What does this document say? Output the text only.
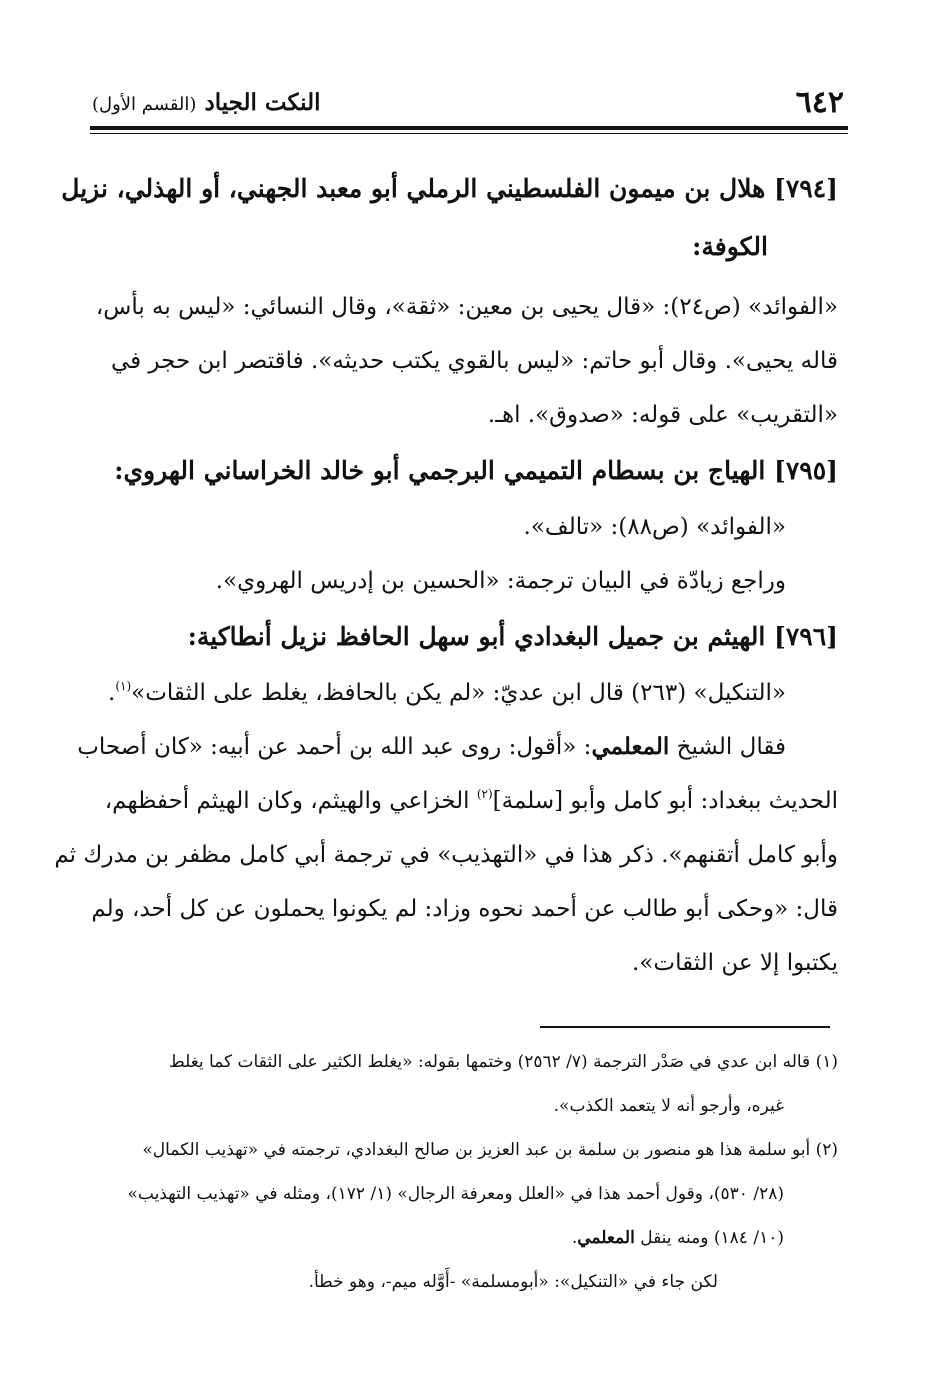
٦٤٢
النكت الجياد (القسم الأول)

[٧٩٤] هلال بن ميمون الفلسطيني الرملي أبو معبد الجهني، أو الهذلي، نزيل

الكوفة:

«الفوائد» (ص٢٤): «قال يحيى بن معين: «ثقة»، وقال النسائي: «ليس به بأس،

قاله يحيى». وقال أبو حاتم: «ليس بالقوي يكتب حديثه». فاقتصر ابن حجر في

«التقريب» على قوله: «صدوق». اهـ.

[٧٩٥] الهياج بن بسطام التميمي البرجمي أبو خالد الخراساني الهروي:

«الفوائد» (ص٨٨): «تالف».

وراجع زيادّة في البيان ترجمة: «الحسين بن إدريس الهروي».

[٧٩٦] الهيثم بن جميل البغدادي أبو سهل الحافظ نزيل أنطاكية:

«التنكيل» (٢٦٣) قال ابن عديّ: «لم يكن بالحافظ، يغلط على الثقات»$^{(١)}$.

فقال الشيخ المعلمي: «أقول: روى عبد الله بن أحمد عن أبيه: «كان أصحاب

الحديث ببغداد: أبو كامل وأبو [سلمة]$^{(٢)}$ الخزاعي والهيثم، وكان الهيثم أحفظهم،

وأبو كامل أتقنهم». ذكر هذا في «التهذيب» في ترجمة أبي كامل مظفر بن مدرك ثم

قال: «وحكى أبو طالب عن أحمد نحوه وزاد: لم يكونوا يحملون عن كل أحد، ولم

يكتبوا إلا عن الثقات».

(١) قاله ابن عدي في صَدْر الترجمة (٧/ ٢٥٦٢) وختمها بقوله: «يغلط الكثير على الثقات كما يغلط

غيره، وأرجو أنه لا يتعمد الكذب».

(٢) أبو سلمة هذا هو منصور بن سلمة بن عبد العزيز بن صالح البغدادي، ترجمته في «تهذيب الكمال»

(٢٨/ ٥٣٠)، وقول أحمد هذا في «العلل ومعرفة الرجال» (١/ ١٧٢)، ومثله في «تهذيب التهذيب»

(١٠/ ١٨٤) ومنه ينقل المعلمي.

لكن جاء في «التنكيل»: «أبومسلمة» -أَوَّله ميم-، وهو خطأ.
